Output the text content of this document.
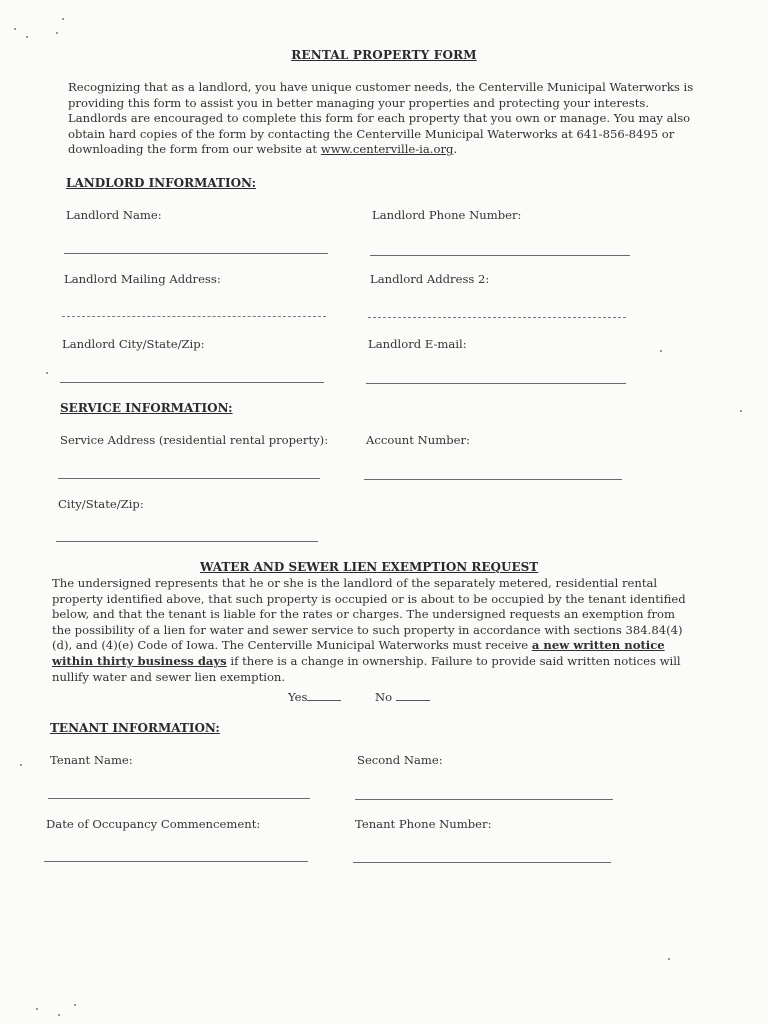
RENTAL PROPERTY FORM
Recognizing that as a landlord, you have unique customer needs, the Centerville Municipal Waterworks is providing this form to assist you in better managing your properties and protecting your interests. Landlords are encouraged to complete this form for each property that you own or manage. You may also obtain hard copies of the form by contacting the Centerville Municipal Waterworks at 641-856-8495 or downloading the form from our website at www.centerville-ia.org.
LANDLORD INFORMATION:
Landlord Name:	Landlord Phone Number:
Landlord Mailing Address:	Landlord Address 2:
Landlord City/State/Zip:	Landlord E-mail:
SERVICE INFORMATION:
Service Address (residential rental property):	Account Number:
City/State/Zip:
WATER AND SEWER LIEN EXEMPTION REQUEST
The undersigned represents that he or she is the landlord of the separately metered, residential rental property identified above, that such property is occupied or is about to be occupied by the tenant identified below, and that the tenant is liable for the rates or charges. The undersigned requests an exemption from the possibility of a lien for water and sewer service to such property in accordance with sections 384.84(4)(d), and (4)(e) Code of Iowa. The Centerville Municipal Waterworks must receive a new written notice within thirty business days if there is a change in ownership. Failure to provide said written notices will nullify water and sewer lien exemption.
Yes	No
TENANT INFORMATION:
Tenant Name:	Second Name:
Date of Occupancy Commencement:	Tenant Phone Number:
